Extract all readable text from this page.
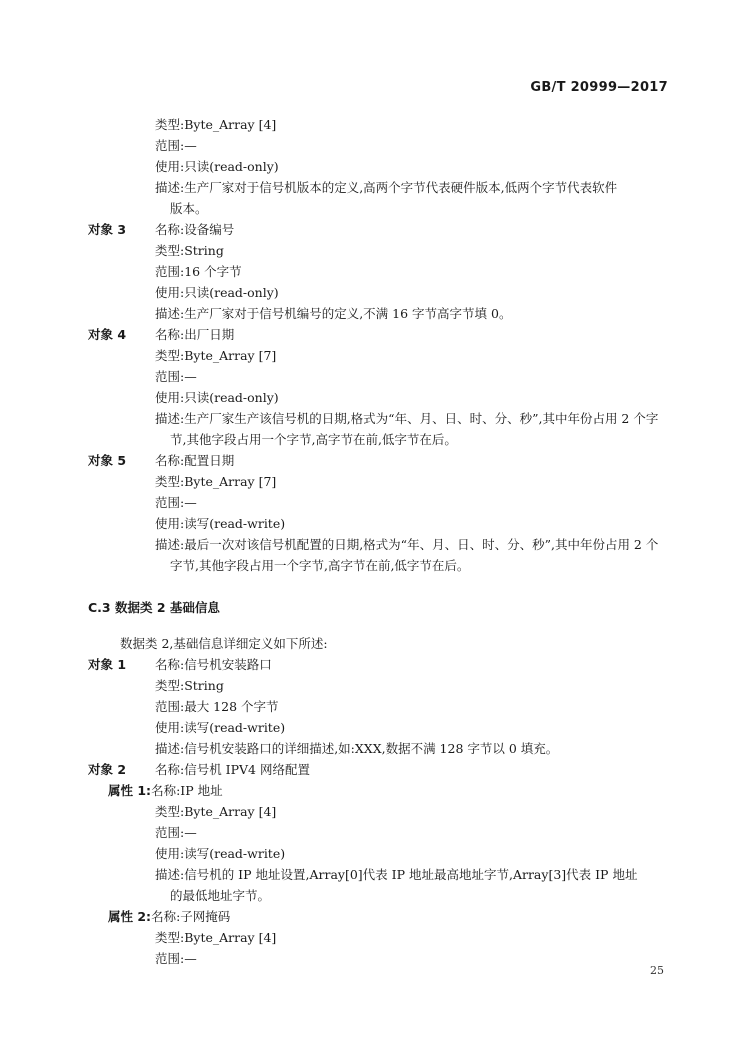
GB/T 20999—2017
类型:Byte_Array [4]
范围:—
使用:只读(read-only)
描述:生产厂家对于信号机版本的定义,高两个字节代表硬件版本,低两个字节代表软件
版本。
对象 3 名称:设备编号
类型:String
范围:16 个字节
使用:只读(read-only)
描述:生产厂家对于信号机编号的定义,不满 16 字节高字节填 0。
对象 4 名称:出厂日期
类型:Byte_Array [7]
范围:—
使用:只读(read-only)
描述:生产厂家生产该信号机的日期,格式为“年、月、日、时、分、秒”,其中年份占用 2 个字
节,其他字段占用一个字节,高字节在前,低字节在后。
对象 5 名称:配置日期
类型:Byte_Array [7]
范围:—
使用:读写(read-write)
描述:最后一次对该信号机配置的日期,格式为“年、月、日、时、分、秒”,其中年份占用 2 个
字节,其他字段占用一个字节,高字节在前,低字节在后。
C.3 数据类 2 基础信息
数据类 2,基础信息详细定义如下所述:
对象 1 名称:信号机安装路口
类型:String
范围:最大 128 个字节
使用:读写(read-write)
描述:信号机安装路口的详细描述,如:XXX,数据不满 128 字节以 0 填充。
对象 2 名称:信号机 IPV4 网络配置
属性 1:名称:IP 地址
类型:Byte_Array [4]
范围:—
使用:读写(read-write)
描述:信号机的 IP 地址设置,Array[0]代表 IP 地址最高地址字节,Array[3]代表 IP 地址
的最低地址字节。
属性 2:名称:子网掩码
类型:Byte_Array [4]
范围:—
25
